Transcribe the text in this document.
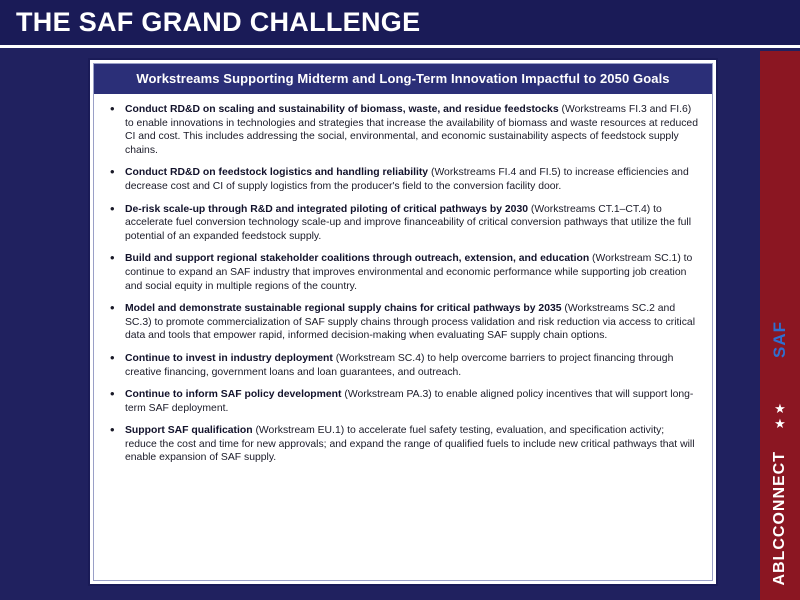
THE SAF GRAND CHALLENGE
SAF
★ ★
ABLCCONNECT
Workstreams Supporting Midterm and Long-Term Innovation Impactful to 2050 Goals
• Conduct RD&D on scaling and sustainability of biomass, waste, and residue feedstocks (Workstreams FI.3 and FI.6) to enable innovations in technologies and strategies that increase the availability of biomass and waste resources at reduced CI and cost. This includes addressing the social, environmental, and economic sustainability aspects of feedstock supply chains.
• Conduct RD&D on feedstock logistics and handling reliability (Workstreams FI.4 and FI.5) to increase efficiencies and decrease cost and CI of supply logistics from the producer's field to the conversion facility door.
• De-risk scale-up through R&D and integrated piloting of critical pathways by 2030 (Workstreams CT.1–CT.4) to accelerate fuel conversion technology scale-up and improve financeability of critical conversion pathways that utilize the full potential of an expanded feedstock supply.
• Build and support regional stakeholder coalitions through outreach, extension, and education (Workstream SC.1) to continue to expand an SAF industry that improves environmental and economic performance while supporting job creation and social equity in multiple regions of the country.
• Model and demonstrate sustainable regional supply chains for critical pathways by 2035 (Workstreams SC.2 and SC.3) to promote commercialization of SAF supply chains through process validation and risk reduction via access to critical data and tools that empower rapid, informed decision-making when evaluating SAF supply chain options.
• Continue to invest in industry deployment (Workstream SC.4) to help overcome barriers to project financing through creative financing, government loans and loan guarantees, and outreach.
• Continue to inform SAF policy development (Workstream PA.3) to enable aligned policy incentives that will support long-term SAF deployment.
• Support SAF qualification (Workstream EU.1) to accelerate fuel safety testing, evaluation, and specification activity; reduce the cost and time for new approvals; and expand the range of qualified fuels to include new critical pathways that will enable expansion of SAF supply.
